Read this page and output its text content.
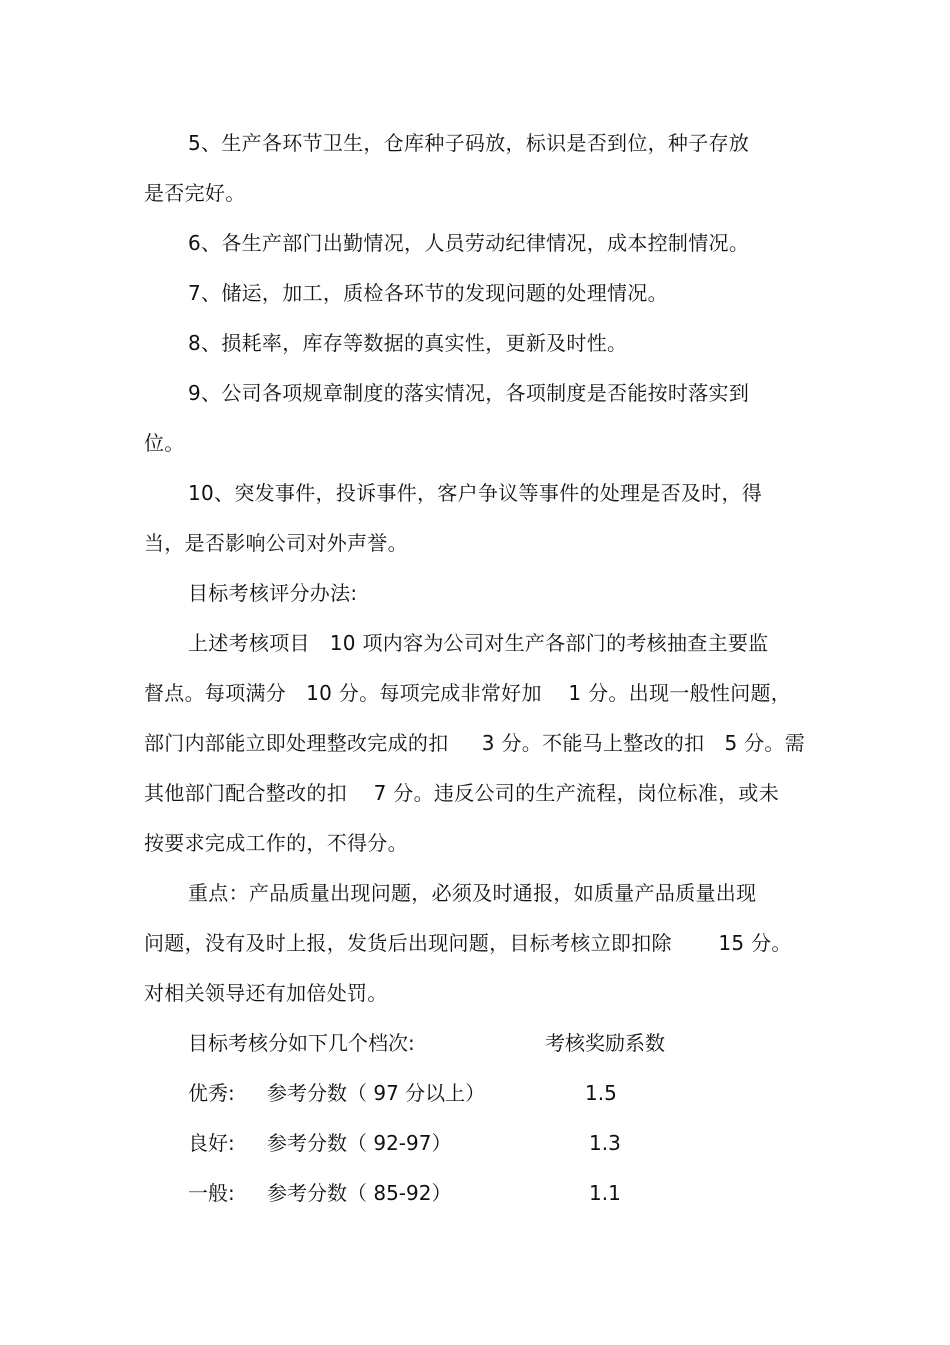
5、生产各环节卫生，仓库种子码放，标识是否到位，种子存放
是否完好。
6、各生产部门出勤情况，人员劳动纪律情况，成本控制情况。
7、储运，加工，质检各环节的发现问题的处理情况。
8、损耗率，库存等数据的真实性，更新及时性。
9、公司各项规章制度的落实情况，各项制度是否能按时落实到
位。
10、突发事件，投诉事件，客户争议等事件的处理是否及时，得
当，是否影响公司对外声誉。
目标考核评分办法:
上述考核项目   10 项内容为公司对生产各部门的考核抽查主要监
督点。每项满分   10 分。每项完成非常好加    1 分。出现一般性问题，
部门内部能立即处理整改完成的扣     3 分。不能马上整改的扣   5 分。需
其他部门配合整改的扣    7 分。违反公司的生产流程，岗位标准，或未
按要求完成工作的，不得分。
重点：产品质量出现问题，必须及时通报，如质量产品质量出现
问题，没有及时上报，发货后出现问题，目标考核立即扣除       15 分。
对相关领导还有加倍处罚。
目标考核分如下几个档次:	考核奖励系数
优秀: 参考分数（ 97 分以上）	1.5
良好: 参考分数（ 92-97）	1.3
一般: 参考分数（ 85-92）	1.1
